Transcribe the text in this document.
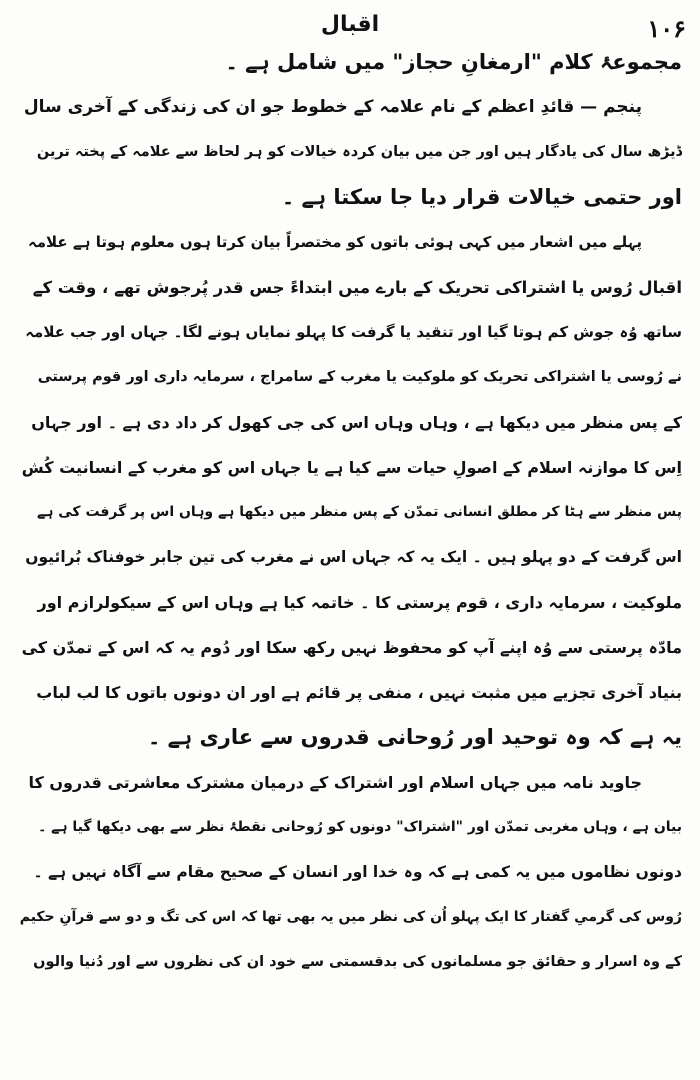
اقبال	۱۰۶
مجموعۂ کلام "ارمغانِ حجاز" میں شامل ہے ۔
پنجم — قائدِ اعظم کے نام علامہ کے خطوط جو ان کی زندگی کے آخری سال
ڈیڑھ سال کی یادگار ہیں اور جن میں بیان کردہ خیالات کو ہر لحاظ سے علامہ کے پختہ ترین
اور حتمی خیالات قرار دیا جا سکتا ہے ۔
پہلے میں اشعار میں کہی ہوئی باتوں کو مختصراً بیان کرتا ہوں معلوم ہوتا ہے علامہ
اقبال رُوس یا اشتراکی تحریک کے بارے میں ابتداءً جس قدر پُرجوش تھے ، وقت کے
ساتھ وُہ جوش کم ہوتا گیا اور تنقید یا گرفت کا پہلو نمایاں ہونے لگا۔ جہاں اور جب علامہ
نے رُوسی یا اشتراکی تحریک کو ملوکیت یا مغرب کے سامراج ، سرمایہ داری اور قوم پرستی
کے پس منظر میں دیکھا ہے ، وہاں وہاں اس کی جی کھول کر داد دی ہے ۔ اور جہاں
اِس کا موازنہ اسلام کے اصولِ حیات سے کیا ہے یا جہاں اس کو مغرب کے انسانیت کُش
پس منظر سے ہٹا کر مطلق انسانی تمدّن کے پس منظر میں دیکھا ہے وہاں اس پر گرفت کی ہے
اس گرفت کے دو پہلو ہیں ۔ ایک یہ کہ جہاں اس نے مغرب کی تین جابر خوفناک بُرائیوں
ملوکیت ، سرمایہ داری ، قوم پرستی کا ۔ خاتمہ کیا ہے وہاں اس کے سیکولرازم اور
مادّہ پرستی سے وُہ اپنے آپ کو محفوظ نہیں رکھ سکا اور دُوم یہ کہ اس کے تمدّن کی
بنیاد آخری تجزیے میں مثبت نہیں ، منفی پر قائم ہے اور ان دونوں باتوں کا لب لباب
یہ ہے کہ وہ توحید اور رُوحانی قدروں سے عاری ہے ۔
جاوید نامہ میں جہاں اسلام اور اشتراک کے درمیان مشترک معاشرتی قدروں کا
بیان ہے ، وہاں مغربی تمدّن اور "اشتراک" دونوں کو رُوحانی نقطۂ نظر سے بھی دیکھا گیا ہے ۔
دونوں نظاموں میں یہ کمی ہے کہ وہ خدا اور انسان کے صحیح مقام سے آگاہ نہیں ہے ۔
رُوس کی گرمیِ گفتار کا ایک پہلو اُن کی نظر میں یہ بھی تھا کہ اس کی تگ و دو سے قرآنِ حکیم
کے وہ اسرار و حقائق جو مسلمانوں کی بدقسمتی سے خود ان کی نظروں سے اور دُنیا والوں
